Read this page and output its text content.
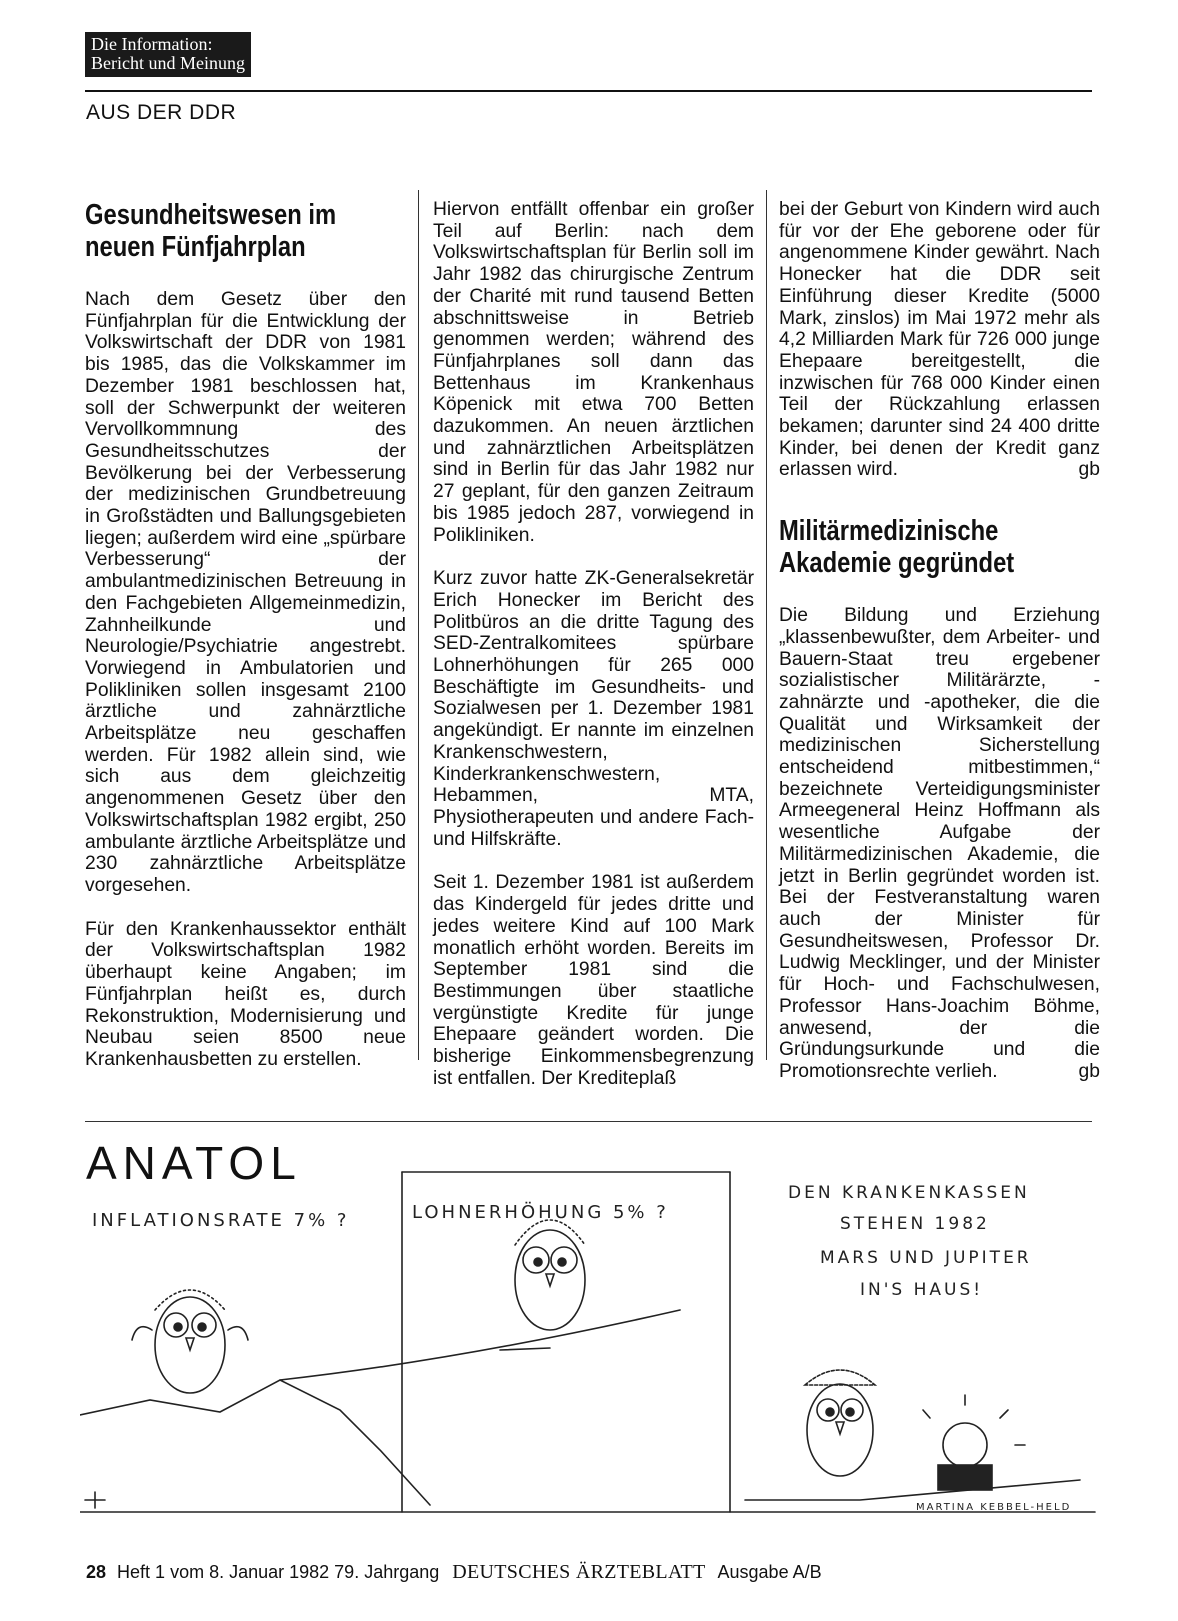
Die Information:
Bericht und Meinung
AUS DER DDR
Gesundheitswesen im neuen Fünfjahrplan

Nach dem Gesetz über den Fünfjahrplan für die Entwicklung der Volkswirtschaft der DDR von 1981 bis 1985, das die Volkskammer im Dezember 1981 beschlossen hat, soll der Schwerpunkt der weiteren Vervollkommnung des Gesundheitsschutzes der Bevölkerung bei der Verbesserung der medizinischen Grundbetreuung in Großstädten und Ballungsgebieten liegen; außerdem wird eine „spürbare Verbesserung“ der ambulantmedizinischen Betreuung in den Fachgebieten Allgemeinmedizin, Zahnheilkunde und Neurologie/Psychiatrie angestrebt. Vorwiegend in Ambulatorien und Polikliniken sollen insgesamt 2100 ärztliche und zahnärztliche Arbeitsplätze neu geschaffen werden. Für 1982 allein sind, wie sich aus dem gleichzeitig angenommenen Gesetz über den Volkswirtschaftsplan 1982 ergibt, 250 ambulante ärztliche Arbeitsplätze und 230 zahnärztliche Arbeitsplätze vorgesehen.

Für den Krankenhaussektor enthält der Volkswirtschaftsplan 1982 überhaupt keine Angaben; im Fünfjahrplan heißt es, durch Rekonstruktion, Modernisierung und Neubau seien 8500 neue Krankenhausbetten zu erstellen.

Hiervon entfällt offenbar ein großer Teil auf Berlin: nach dem Volkswirtschaftsplan für Berlin soll im Jahr 1982 das chirurgische Zentrum der Charité mit rund tausend Betten abschnittsweise in Betrieb genommen werden; während des Fünfjahrplanes soll dann das Bettenhaus im Krankenhaus Köpenick mit etwa 700 Betten dazukommen. An neuen ärztlichen und zahnärztlichen Arbeitsplätzen sind in Berlin für das Jahr 1982 nur 27 geplant, für den ganzen Zeitraum bis 1985 jedoch 287, vorwiegend in Polikliniken.

Kurz zuvor hatte ZK-Generalsekretär Erich Honecker im Bericht des Politbüros an die dritte Tagung des SED-Zentralkomitees spürbare Lohnerhöhungen für 265 000 Beschäftigte im Gesundheits- und Sozialwesen per 1. Dezember 1981 angekündigt. Er nannte im einzelnen Krankenschwestern, Kinderkrankenschwestern, Hebammen, MTA, Physiotherapeuten und andere Fach- und Hilfskräfte.

Seit 1. Dezember 1981 ist außerdem das Kindergeld für jedes dritte und jedes weitere Kind auf 100 Mark monatlich erhöht worden. Bereits im September 1981 sind die Bestimmungen über staatliche vergünstigte Kredite für junge Ehepaare geändert worden. Die bisherige Einkommensbegrenzung ist entfallen. Der Kreditерlaß

bei der Geburt von Kindern wird auch für vor der Ehe geborene oder für angenommene Kinder gewährt. Nach Honecker hat die DDR seit Einführung dieser Kredite (5000 Mark, zinslos) im Mai 1972 mehr als 4,2 Milliarden Mark für 726 000 junge Ehepaare bereitgestellt, die inzwischen für 768 000 Kinder einen Teil der Rückzahlung erlassen bekamen; darunter sind 24 400 dritte Kinder, bei denen der Kredit ganz erlassen wird.	gb

Militärmedizinische Akademie gegründet

Die Bildung und Erziehung „klassenbewußter, dem Arbeiter- und Bauern-Staat treu ergebener sozialistischer Militärärzte, -zahnärzte und -apotheker, die die Qualität und Wirksamkeit der medizinischen Sicherstellung entscheidend mitbestimmen,“ bezeichnete Verteidigungsminister Armeegeneral Heinz Hoffmann als wesentliche Aufgabe der Militärmedizinischen Akademie, die jetzt in Berlin gegründet worden ist. Bei der Festveranstaltung waren auch der Minister für Gesundheitswesen, Professor Dr. Ludwig Mecklinger, und der Minister für Hoch- und Fachschulwesen, Professor Hans-Joachim Böhme, anwesend, der die Gründungsurkunde und die Promotionsrechte verlieh.	gb

ANATOL
INFLATIONSRATE 7% ?	LOHNERHÖHUNG 5% ?
DEN KRANKENKASSEN
STEHEN 1982
MARS UND JUPITER
IN'S HAUS!
MARTINA KEBBEL-HELD
28 Heft 1 vom 8. Januar 1982 79. Jahrgang DEUTSCHES ÄRZTEBLATT Ausgabe A/B
